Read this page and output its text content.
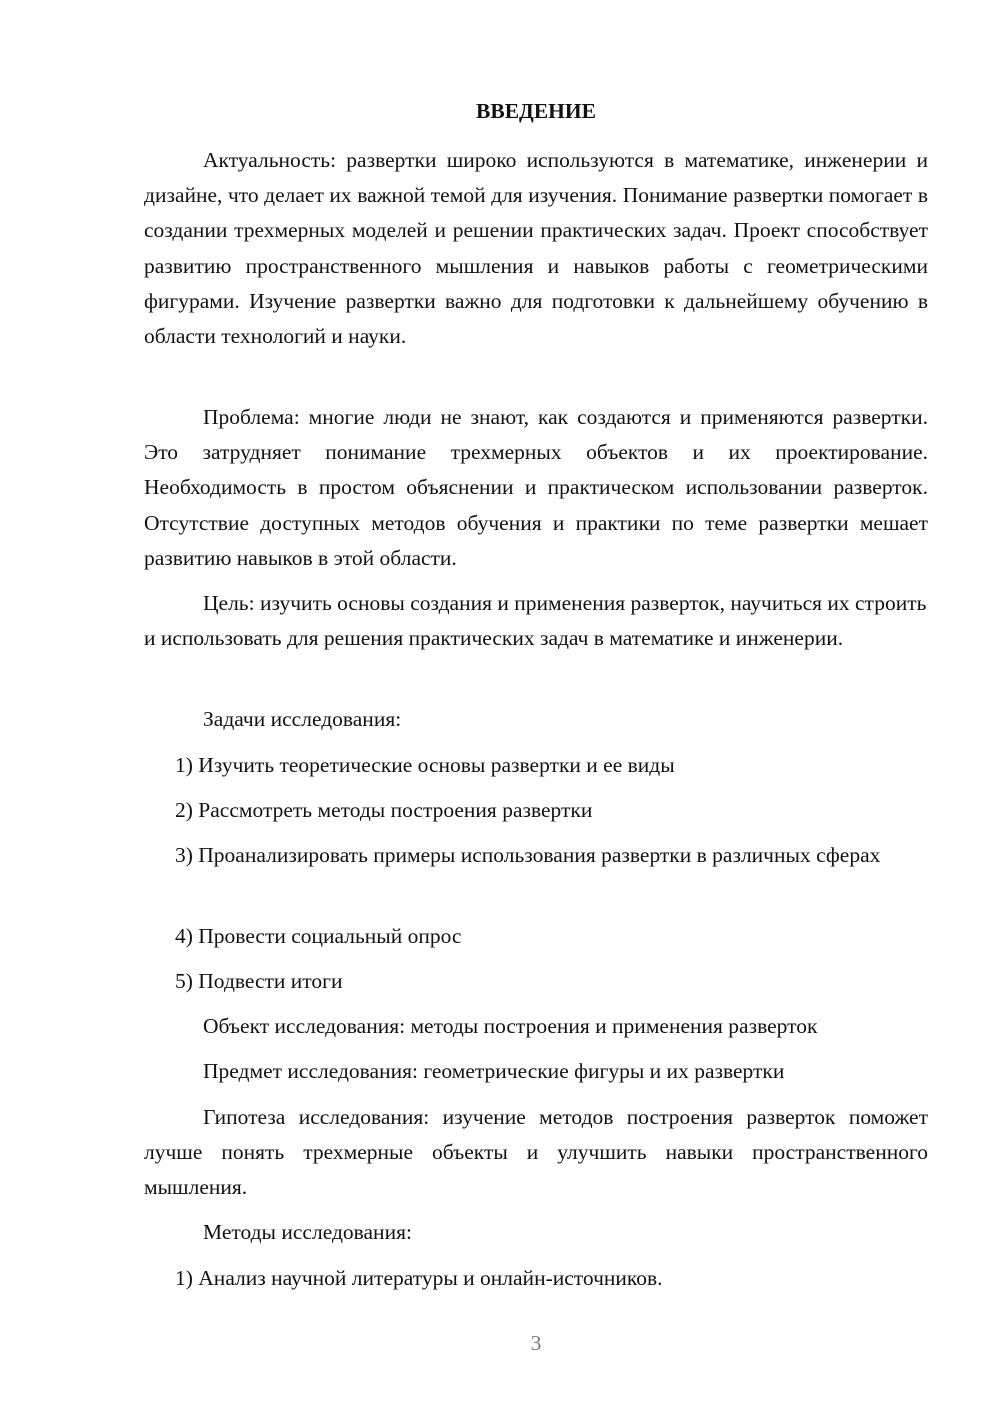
ВВЕДЕНИЕ

Актуальность: развертки широко используются в математике, инженерии и дизайне, что делает их важной темой для изучения. Понимание развертки помогает в создании трехмерных моделей и решении практических задач. Проект способствует развитию пространственного мышления и навыков работы с геометрическими фигурами. Изучение развертки важно для подготовки к дальнейшему обучению в области технологий и науки.

Проблема: многие люди не знают, как создаются и применяются развертки. Это затрудняет понимание трехмерных объектов и их проектирование. Необходимость в простом объяснении и практическом использовании разверток. Отсутствие доступных методов обучения и практики по теме развертки мешает развитию навыков в этой области.

Цель: изучить основы создания и применения разверток, научиться их строить и использовать для решения практических задач в математике и инженерии.

Задачи исследования:

1) Изучить теоретические основы развертки и ее виды

2) Рассмотреть методы построения развертки

3) Проанализировать примеры использования развертки в различных сферах

4) Провести социальный опрос

5) Подвести итоги

Объект исследования: методы построения и применения разверток

Предмет исследования: геометрические фигуры и их развертки

Гипотеза исследования: изучение методов построения разверток поможет лучше понять трехмерные объекты и улучшить навыки пространственного мышления.

Методы исследования:

1) Анализ научной литературы и онлайн-источников.

3
